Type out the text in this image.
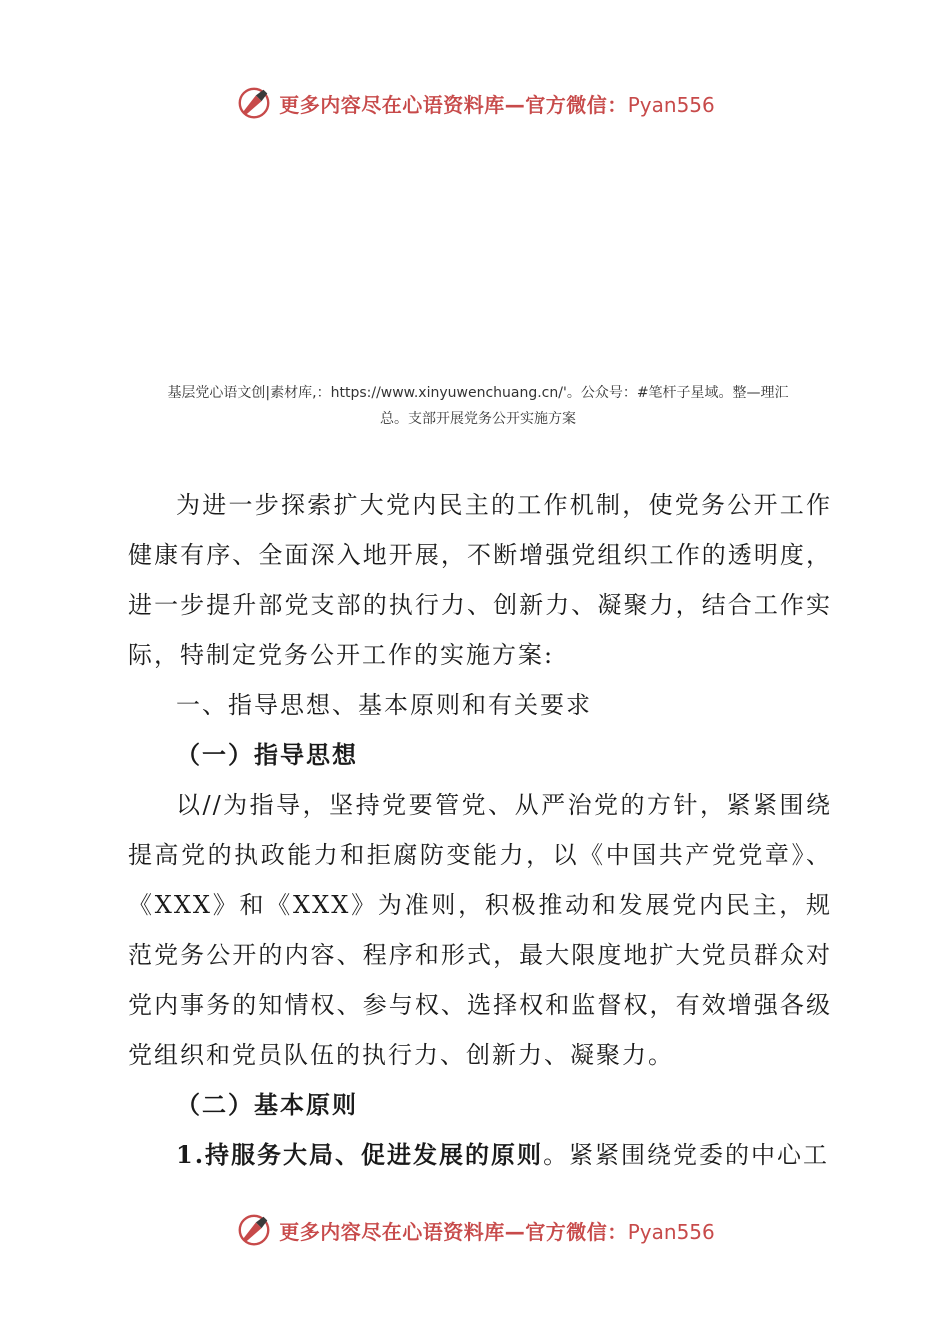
更多内容尽在心语资料库—官方微信：Pyan556
基层党心语文创|素材库,：https://www.xinyuwenchuang.cn/'。公众号：#笔杆子星域。整—理汇
总。支部开展党务公开实施方案

为进一步探索扩大党内民主的工作机制，使党务公开工作健康有序、全面深入地开展，不断增强党组织工作的透明度，进一步提升部党支部的执行力、创新力、凝聚力，结合工作实际，特制定党务公开工作的实施方案:

一、指导思想、基本原则和有关要求

（一）指导思想

以//为指导，坚持党要管党、从严治党的方针，紧紧围绕提高党的执政能力和拒腐防变能力，以《中国共产党党章》、《XXX》和《XXX》为准则，积极推动和发展党内民主，规范党务公开的内容、程序和形式，最大限度地扩大党员群众对党内事务的知情权、参与权、选择权和监督权，有效增强各级党组织和党员队伍的执行力、创新力、凝聚力。

（二）基本原则

1.持服务大局、促进发展的原则。紧紧围绕党委的中心工

更多内容尽在心语资料库—官方微信：Pyan556
